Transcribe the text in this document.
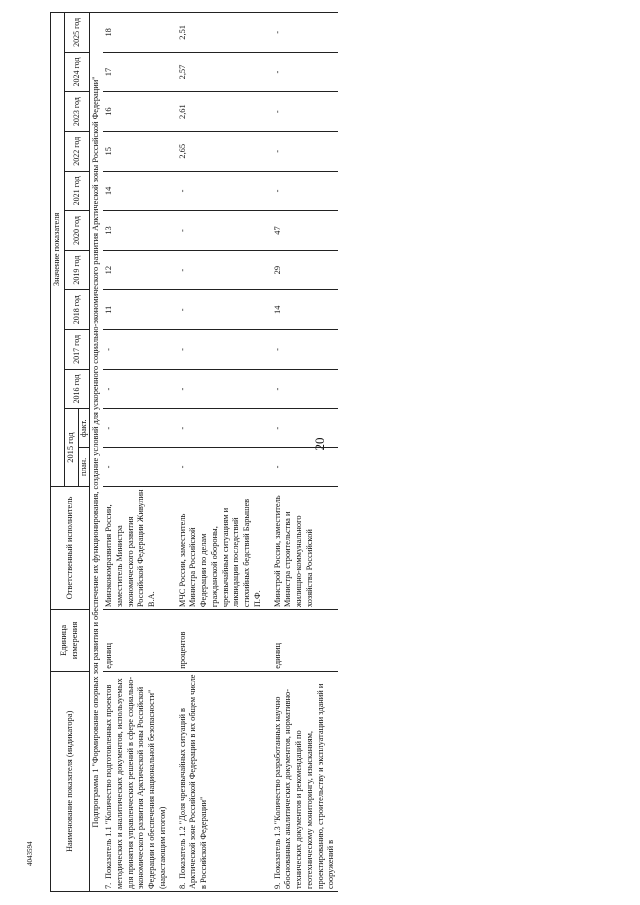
20
4043594
Наименование показателя (индикатора)	Единица измерения	Ответственный исполнитель	Значение показателя											
			2015 год		2016 год	2017 год	2018 год	2019 год	2020 год	2021 год	2022 год	2023 год	2024 год	2025 год
			план.	факт.										
Подпрограмма 1 "Формирование опорных зон развития и обеспечение их функционирования, создание условий для ускоренного социально-экономического развития Арктической зоны Российской Федерации"														
7.Показатель 1.1 "Количество подготовленных проектов методических и аналитических документов, используемых для принятия управленческих решений в сфере социально-экономического развития Арктической зоны Российской Федерации и обеспечения национальной безопасности" (нарастающим итогом)	единиц	Минэкономразвития России, заместитель Министра экономического развития Российской Федерации Живулин В.А.	-	-	-	-	11	12	13	14	15	16	17	18
8.Показатель 1.2 "Доля чрезвычайных ситуаций в Арктической зоне Российской Федерации в их общем числе в Российской Федерации"	процентов	МЧС России, заместитель Министра Российской Федерации по делам гражданской обороны, чрезвычайным ситуациям и ликвидации последствий стихийных бедствий Барышев П.Ф.	-	-	-	-	-	-	-	-	2,65	2,61	2,57	2,51
9.Показатель 1.3 "Количество разработанных научно обоснованных аналитических документов, нормативно-технических документов и рекомендаций по геотехническому мониторингу, изысканиям, проектированию, строительству и эксплуатации зданий и сооружений в	единиц	Минстрой России, заместитель Министра строительства и жилищно-коммунального хозяйства Российской	-	-	-	-	14	29	47	-	-	-	-	-
